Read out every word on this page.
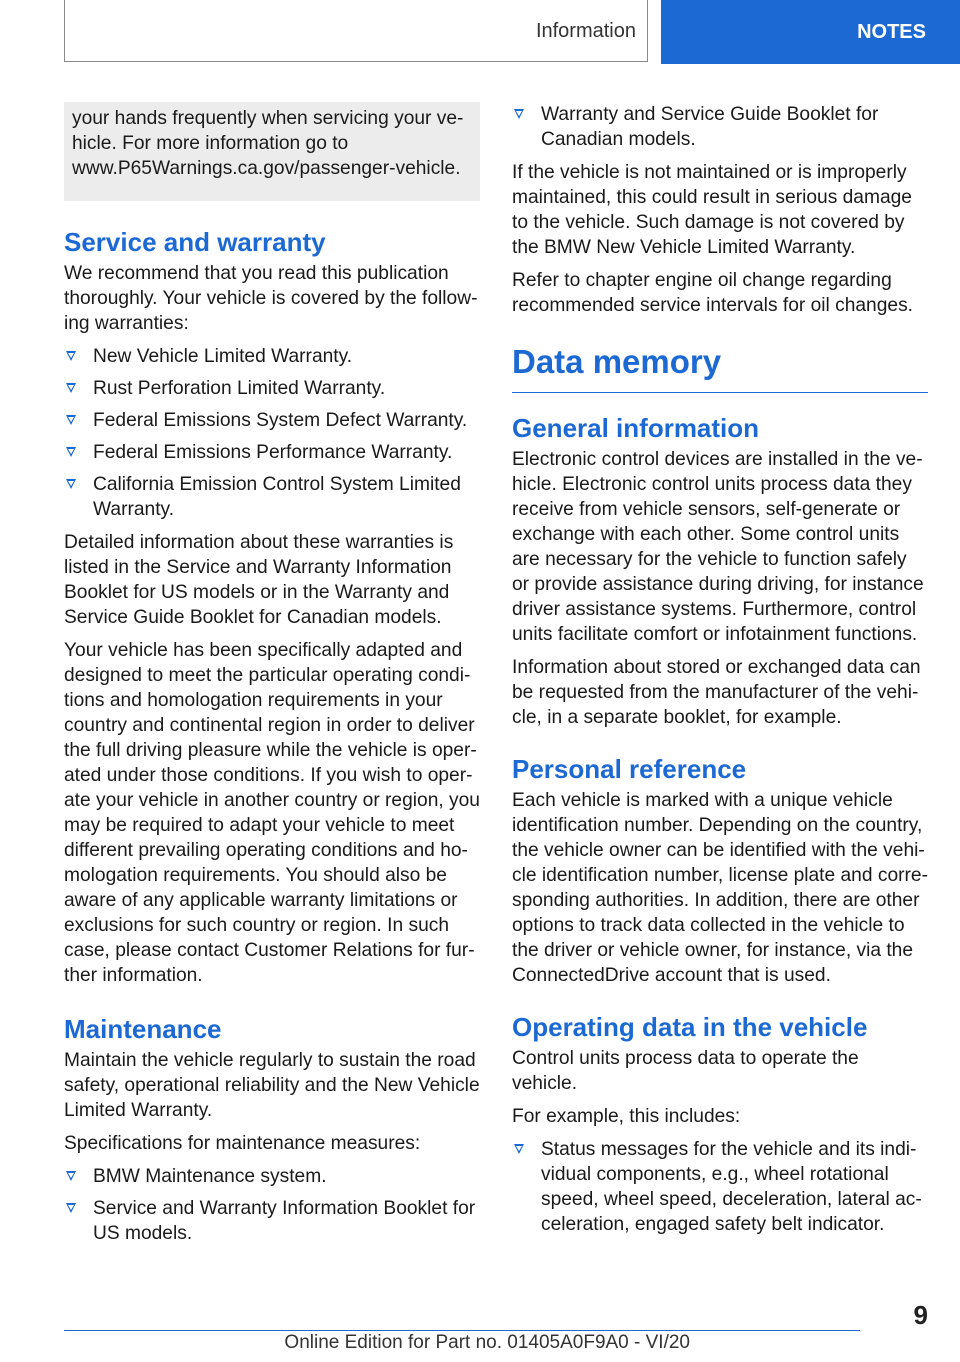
Information	NOTES
your hands frequently when servicing your vehicle. For more information go to www.P65Warnings.ca.gov/passenger-vehicle.
Service and warranty

We recommend that you read this publication thoroughly. Your vehicle is covered by the following warranties:

New Vehicle Limited Warranty.
Rust Perforation Limited Warranty.
Federal Emissions System Defect Warranty.
Federal Emissions Performance Warranty.
California Emission Control System Limited Warranty.

Detailed information about these warranties is listed in the Service and Warranty Information Booklet for US models or in the Warranty and Service Guide Booklet for Canadian models.

Your vehicle has been specifically adapted and designed to meet the particular operating conditions and homologation requirements in your country and continental region in order to deliver the full driving pleasure while the vehicle is operated under those conditions. If you wish to operate your vehicle in another country or region, you may be required to adapt your vehicle to meet different prevailing operating conditions and homologation requirements. You should also be aware of any applicable warranty limitations or exclusions for such country or region. In such case, please contact Customer Relations for further information.

Maintenance

Maintain the vehicle regularly to sustain the road safety, operational reliability and the New Vehicle Limited Warranty.

Specifications for maintenance measures:

BMW Maintenance system.
Service and Warranty Information Booklet for US models.
Warranty and Service Guide Booklet for Canadian models.

If the vehicle is not maintained or is improperly maintained, this could result in serious damage to the vehicle. Such damage is not covered by the BMW New Vehicle Limited Warranty.

Refer to chapter engine oil change regarding recommended service intervals for oil changes.

Data memory
General information

Electronic control devices are installed in the vehicle. Electronic control units process data they receive from vehicle sensors, self-generate or exchange with each other. Some control units are necessary for the vehicle to function safely or provide assistance during driving, for instance driver assistance systems. Furthermore, control units facilitate comfort or infotainment functions.

Information about stored or exchanged data can be requested from the manufacturer of the vehicle, in a separate booklet, for example.

Personal reference

Each vehicle is marked with a unique vehicle identification number. Depending on the country, the vehicle owner can be identified with the vehicle identification number, license plate and corresponding authorities. In addition, there are other options to track data collected in the vehicle to the driver or vehicle owner, for instance, via the ConnectedDrive account that is used.

Operating data in the vehicle

Control units process data to operate the vehicle.

For example, this includes:

Status messages for the vehicle and its individual components, e.g., wheel rotational speed, wheel speed, deceleration, lateral acceleration, engaged safety belt indicator.
9
Online Edition for Part no. 01405A0F9A0 - VI/20
